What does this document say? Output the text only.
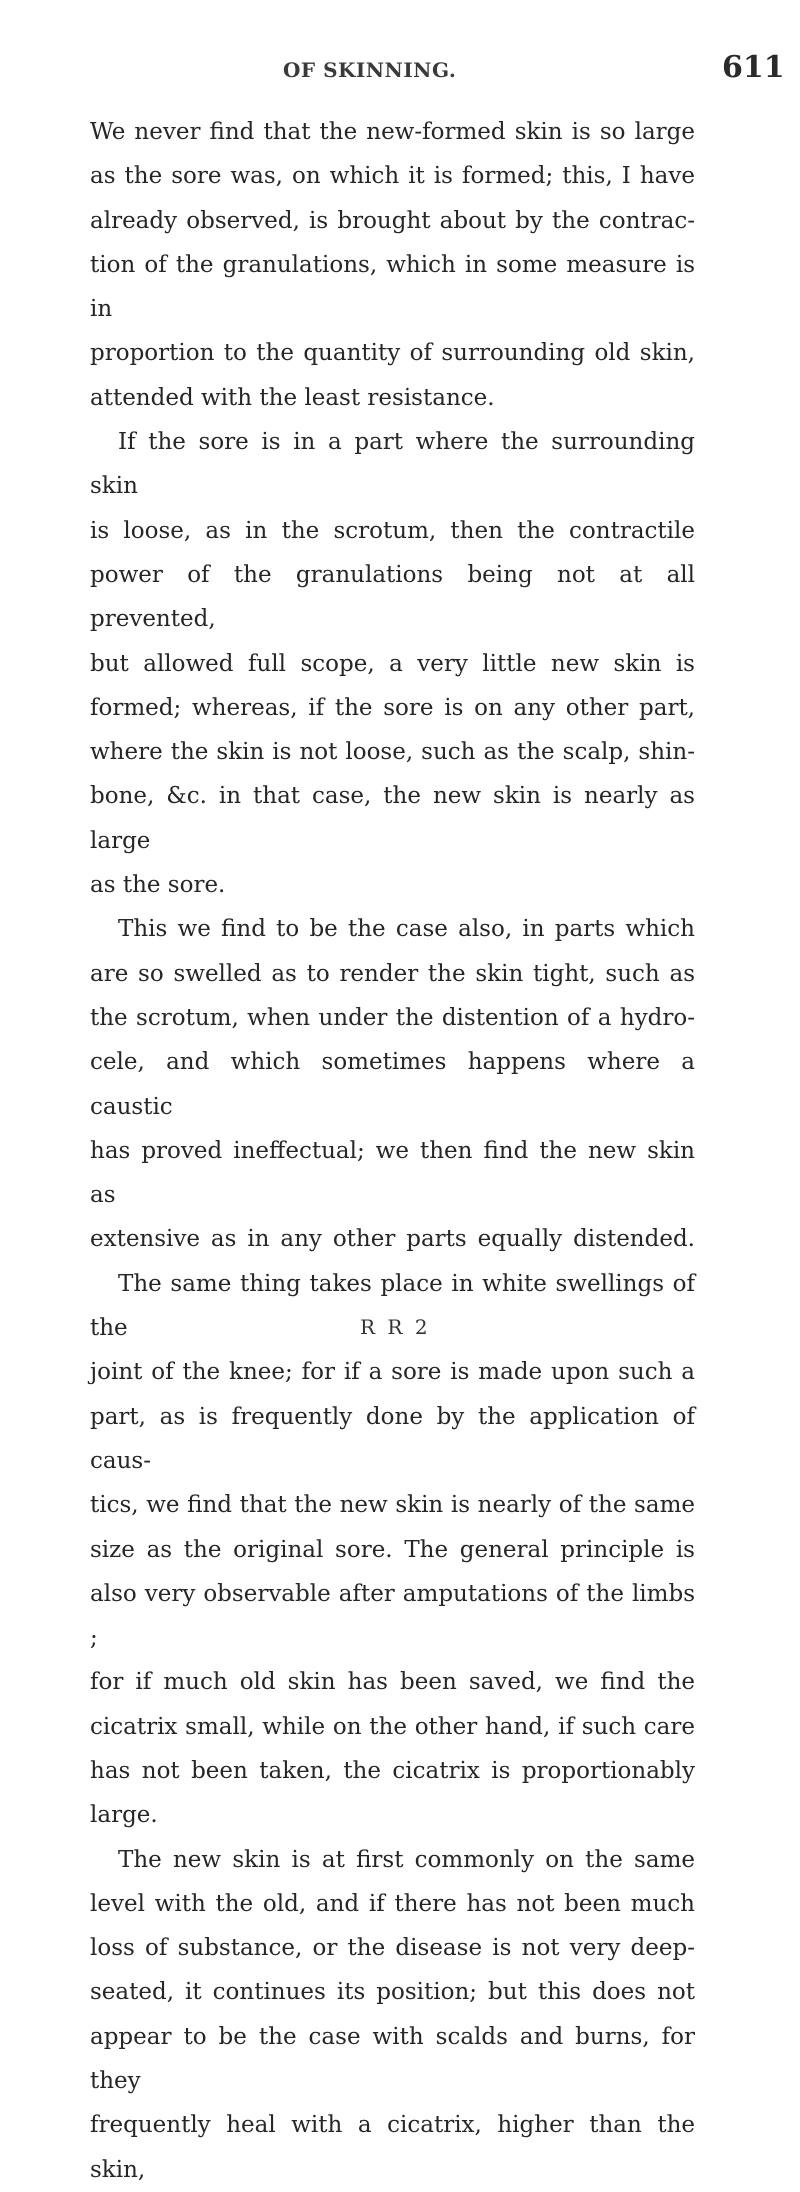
OF SKINNING.	611

We never find that the new-formed skin is so large

as the sore was, on which it is formed; this, I have

already observed, is brought about by the contrac-

tion of the granulations, which in some measure is in

proportion to the quantity of surrounding old skin,

attended with the least resistance.

If the sore is in a part where the surrounding skin

is loose, as in the scrotum, then the contractile

power of the granulations being not at all prevented,

but allowed full scope, a very little new skin is

formed; whereas, if the sore is on any other part,

where the skin is not loose, such as the scalp, shin-

bone, &c. in that case, the new skin is nearly as large

as the sore.

This we find to be the case also, in parts which

are so swelled as to render the skin tight, such as

the scrotum, when under the distention of a hydro-

cele, and which sometimes happens where a caustic

has proved ineffectual; we then find the new skin as

extensive as in any other parts equally distended.

The same thing takes place in white swellings of the

joint of the knee; for if a sore is made upon such a

part, as is frequently done by the application of caus-

tics, we find that the new skin is nearly of the same

size as the original sore. The general principle is

also very observable after amputations of the limbs ;

for if much old skin has been saved, we find the

cicatrix small, while on the other hand, if such care

has not been taken, the cicatrix is proportionably

large.

The new skin is at first commonly on the same

level with the old, and if there has not been much

loss of substance, or the disease is not very deep-

seated, it continues its position; but this does not

appear to be the case with scalds and burns, for they

frequently heal with a cicatrix, higher than the skin,

R R 2
